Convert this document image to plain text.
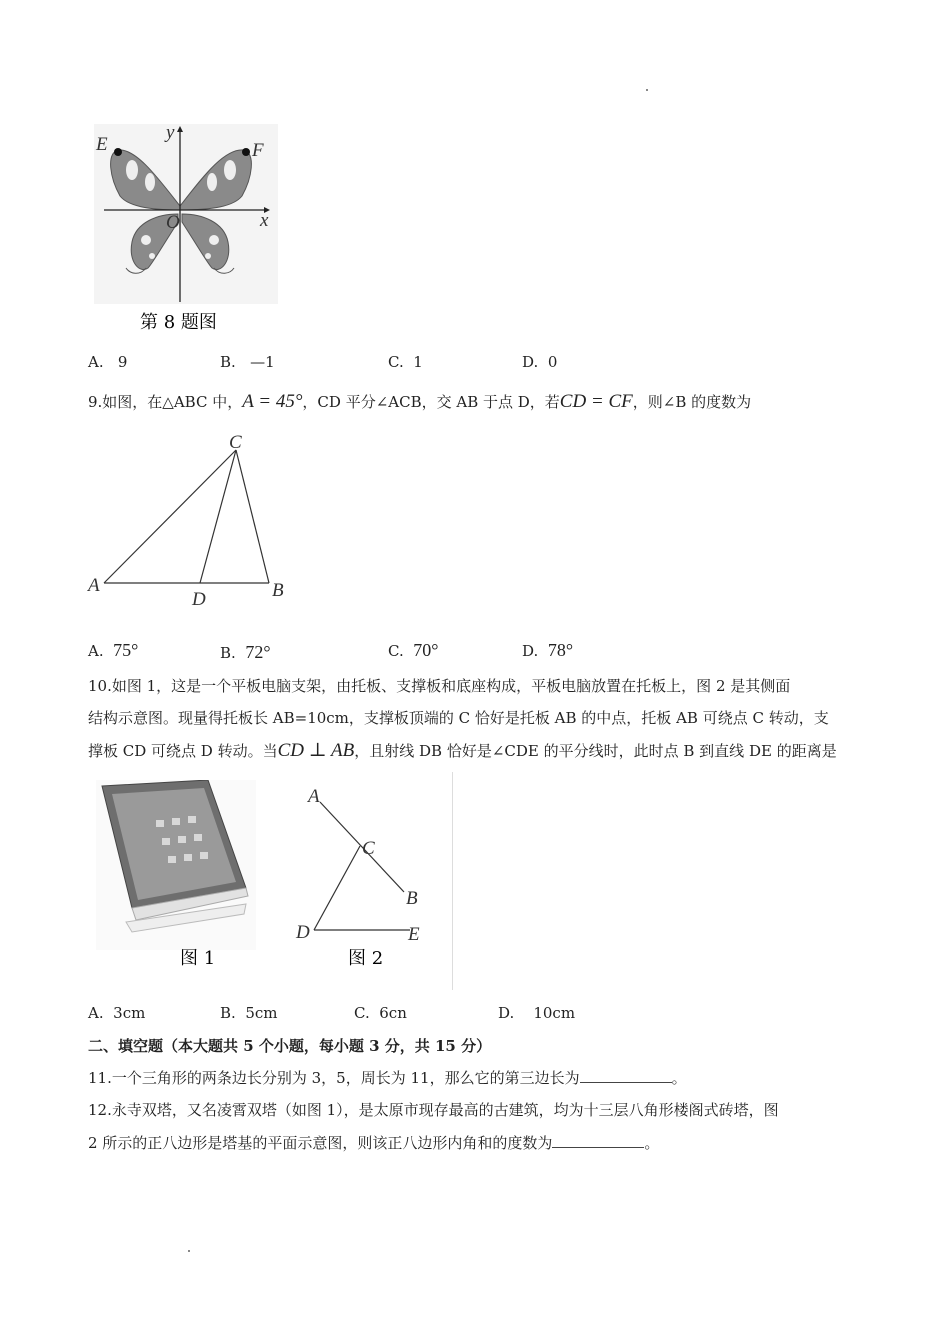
E	F
y
x
O
第 8 题图
A. 9	B. —1	C. 1	D. 0
9.如图，在△ABC 中，A = 45°，CD 平分∠ACB，交 AB 于点 D，若CD = CF，则∠B 的度数为
A	B
C
D
A. 75°	B. 72°	C. 70°	D. 78°
10.如图 1，这是一个平板电脑支架，由托板、支撑板和底座构成，平板电脑放置在托板上，图 2 是其侧面
结构示意图。现量得托板长 AB=10cm，支撑板顶端的 C 恰好是托板 AB 的中点，托板 AB 可绕点 C 转动，支
撑板 CD 可绕点 D 转动。当CD ⊥ AB，且射线 DB 恰好是∠CDE 的平分线时，此时点 B 到直线 DE 的距离是
图 1
A
B
C
D	E
图 2
A. 3cm	B. 5cm	C. 6cn	D. 10cm
二、填空题（本大题共 5 个小题，每小题 3 分，共 15 分）
11.一个三角形的两条边长分别为 3，5，周长为 11，那么它的第三边长为	。
12.永寺双塔，又名凌霄双塔（如图 1），是太原市现存最高的古建筑，均为十三层八角形楼阁式砖塔，图
2 所示的正八边形是塔基的平面示意图，则该正八边形内角和的度数为	。
